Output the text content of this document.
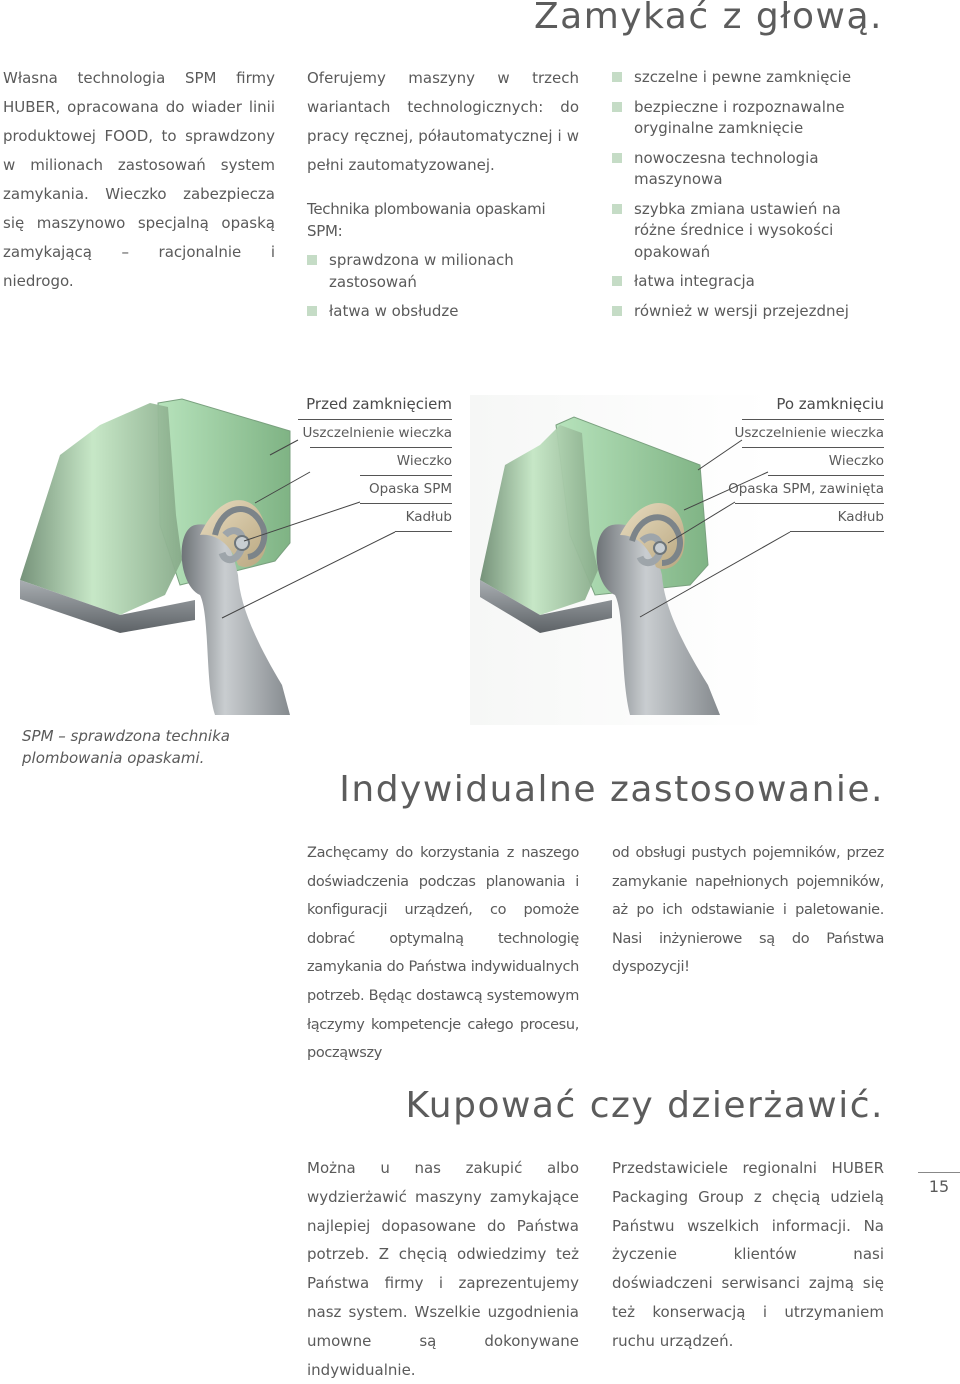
Zamykać z głową.

Własna technologia SPM firmy HUBER, opracowana do wiader linii produktowej FOOD, to sprawdzony w milionach zastosowań system zamykania. Wieczko zabezpiecza się maszynowo specjalną opaską zamykającą – racjonalnie i niedrogo.

Oferujemy maszyny w trzech wariantach technologicznych: do pracy ręcznej, półautomatycznej i w pełni zautomatyzowanej.

Technika plombowania opaskami SPM:

sprawdzona w milionach zastosowań
łatwa w obsłudze
szczelne i pewne zamknięcie
bezpieczne i rozpoznawalne oryginalne zamknięcie
nowoczesna technologia maszynowa
szybka zmiana ustawień na różne średnice i wysokości opakowań
łatwa integracja
również w wersji przejezdnej
Przed zamknięciem
Uszczelnienie wieczka
Wieczko
Opaska SPM
Kadłub
Po zamknięciu
Uszczelnienie wieczka
Wieczko
Opaska SPM, zawinięta
Kadłub

SPM – sprawdzona technika plombowania opaskami.

Indywidualne zastosowanie.

Zachęcamy do korzystania z naszego doświadczenia podczas planowania i konfiguracji urządzeń, co pomoże dobrać optymalną technologię zamykania do Państwa indywidualnych potrzeb. Będąc dostawcą systemowym łączymy kompetencje całego procesu, począwszy

od obsługi pustych pojemników, przez zamykanie napełnionych pojemników, aż po ich odstawianie i paletowanie. Nasi inżynierowe są do Państwa dyspozycji!

Kupować czy dzierżawić.

Można u nas zakupić albo wydzierżawić maszyny zamykające najlepiej dopasowane do Państwa potrzeb. Z chęcią odwiedzimy też Państwa firmy i zaprezentujemy nasz system. Wszelkie uzgodnienia umowne są dokonywane indywidualnie.

Przedstawiciele regionalni HUBER Packaging Group z chęcią udzielą Państwu wszelkich informacji. Na życzenie klientów nasi doświadczeni serwisanci zajmą się też konserwacją i utrzymaniem ruchu urządzeń.

15
